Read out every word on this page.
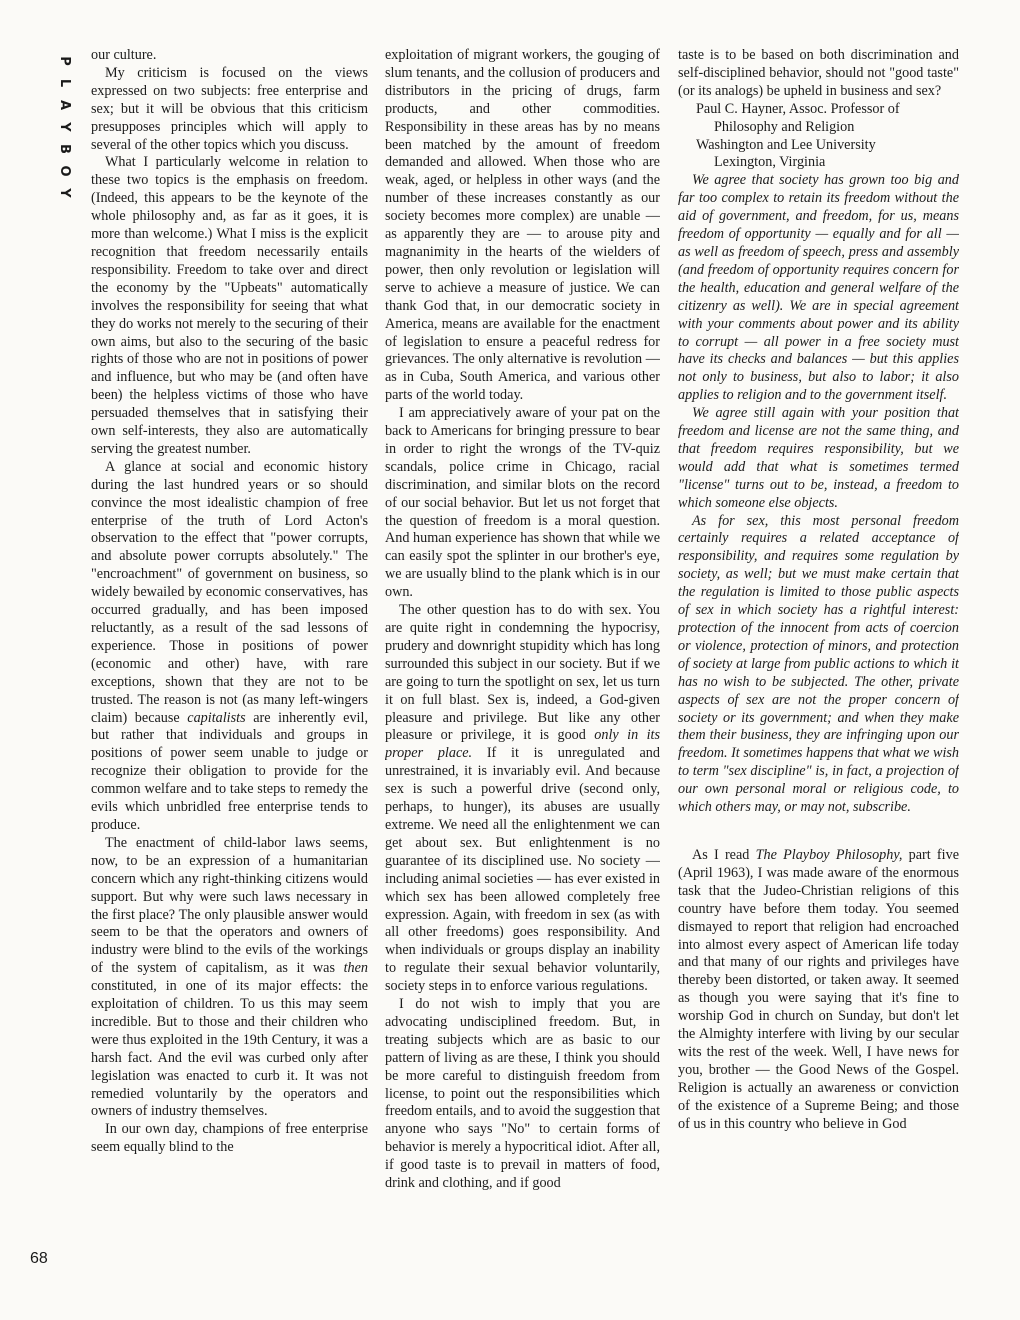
P
L
A
Y
B
O
Y
68

our culture.

My criticism is focused on the views expressed on two subjects: free enterprise and sex; but it will be obvious that this criticism presupposes principles which will apply to several of the other topics which you discuss.

What I particularly welcome in relation to these two topics is the emphasis on freedom. (Indeed, this appears to be the keynote of the whole philosophy and, as far as it goes, it is more than welcome.) What I miss is the explicit recognition that freedom necessarily entails responsibility. Freedom to take over and direct the economy by the "Upbeats" automatically involves the responsibility for seeing that what they do works not merely to the securing of their own aims, but also to the securing of the basic rights of those who are not in positions of power and influence, but who may be (and often have been) the helpless victims of those who have persuaded themselves that in satisfying their own self-interests, they also are automatically serving the greatest number.

A glance at social and economic history during the last hundred years or so should convince the most idealistic champion of free enterprise of the truth of Lord Acton's observation to the effect that "power corrupts, and absolute power corrupts absolutely." The "encroachment" of government on business, so widely bewailed by economic conservatives, has occurred gradually, and has been imposed reluctantly, as a result of the sad lessons of experience. Those in positions of power (economic and other) have, with rare exceptions, shown that they are not to be trusted. The reason is not (as many left-wingers claim) because capitalists are inherently evil, but rather that individuals and groups in positions of power seem unable to judge or recognize their obligation to provide for the common welfare and to take steps to remedy the evils which unbridled free enterprise tends to produce.

The enactment of child-labor laws seems, now, to be an expression of a humanitarian concern which any right-thinking citizens would support. But why were such laws necessary in the first place? The only plausible answer would seem to be that the operators and owners of industry were blind to the evils of the workings of the system of capitalism, as it was then constituted, in one of its major effects: the exploitation of children. To us this may seem incredible. But to those and their children who were thus exploited in the 19th Century, it was a harsh fact. And the evil was curbed only after legislation was enacted to curb it. It was not remedied voluntarily by the operators and owners of industry themselves.

In our own day, champions of free enterprise seem equally blind to the

exploitation of migrant workers, the gouging of slum tenants, and the collusion of producers and distributors in the pricing of drugs, farm products, and other commodities. Responsibility in these areas has by no means been matched by the amount of freedom demanded and allowed. When those who are weak, aged, or helpless in other ways (and the number of these increases constantly as our society becomes more complex) are unable — as apparently they are — to arouse pity and magnanimity in the hearts of the wielders of power, then only revolution or legislation will serve to achieve a measure of justice. We can thank God that, in our democratic society in America, means are available for the enactment of legislation to ensure a peaceful redress for grievances. The only alternative is revolution — as in Cuba, South America, and various other parts of the world today.

I am appreciatively aware of your pat on the back to Americans for bringing pressure to bear in order to right the wrongs of the TV-quiz scandals, police crime in Chicago, racial discrimination, and similar blots on the record of our social behavior. But let us not forget that the question of freedom is a moral question. And human experience has shown that while we can easily spot the splinter in our brother's eye, we are usually blind to the plank which is in our own.

The other question has to do with sex. You are quite right in condemning the hypocrisy, prudery and downright stupidity which has long surrounded this subject in our society. But if we are going to turn the spotlight on sex, let us turn it on full blast. Sex is, indeed, a God-given pleasure and privilege. But like any other pleasure or privilege, it is good only in its proper place. If it is unregulated and unrestrained, it is invariably evil. And because sex is such a powerful drive (second only, perhaps, to hunger), its abuses are usually extreme. We need all the enlightenment we can get about sex. But enlightenment is no guarantee of its disciplined use. No society — including animal societies — has ever existed in which sex has been allowed completely free expression. Again, with freedom in sex (as with all other freedoms) goes responsibility. And when individuals or groups display an inability to regulate their sexual behavior voluntarily, society steps in to enforce various regulations.

I do not wish to imply that you are advocating undisciplined freedom. But, in treating subjects which are as basic to our pattern of living as are these, I think you should be more careful to distinguish freedom from license, to point out the responsibilities which freedom entails, and to avoid the suggestion that anyone who says "No" to certain forms of behavior is merely a hypocritical idiot. After all, if good taste is to prevail in matters of food, drink and clothing, and if good

taste is to be based on both discrimination and self-disciplined behavior, should not "good taste" (or its analogs) be upheld in business and sex?

Paul C. Hayner, Assoc. Professor of
Philosophy and Religion
Washington and Lee University
Lexington, Virginia

We agree that society has grown too big and far too complex to retain its freedom without the aid of government, and freedom, for us, means freedom of opportunity — equally and for all — as well as freedom of speech, press and assembly (and freedom of opportunity requires concern for the health, education and general welfare of the citizenry as well). We are in special agreement with your comments about power and its ability to corrupt — all power in a free society must have its checks and balances — but this applies not only to business, but also to labor; it also applies to religion and to the government itself.

We agree still again with your position that freedom and license are not the same thing, and that freedom requires responsibility, but we would add that what is sometimes termed "license" turns out to be, instead, a freedom to which someone else objects.

As for sex, this most personal freedom certainly requires a related acceptance of responsibility, and requires some regulation by society, as well; but we must make certain that the regulation is limited to those public aspects of sex in which society has a rightful interest: protection of the innocent from acts of coercion or violence, protection of minors, and protection of society at large from public actions to which it has no wish to be subjected. The other, private aspects of sex are not the proper concern of society or its government; and when they make them their business, they are infringing upon our freedom. It sometimes happens that what we wish to term "sex discipline" is, in fact, a projection of our own personal moral or religious code, to which others may, or may not, subscribe.

As I read The Playboy Philosophy, part five (April 1963), I was made aware of the enormous task that the Judeo-Christian religions of this country have before them today. You seemed dismayed to report that religion had encroached into almost every aspect of American life today and that many of our rights and privileges have thereby been distorted, or taken away. It seemed as though you were saying that it's fine to worship God in church on Sunday, but don't let the Almighty interfere with living by our secular wits the rest of the week. Well, I have news for you, brother — the Good News of the Gospel. Religion is actually an awareness or conviction of the existence of a Supreme Being; and those of us in this country who believe in God
